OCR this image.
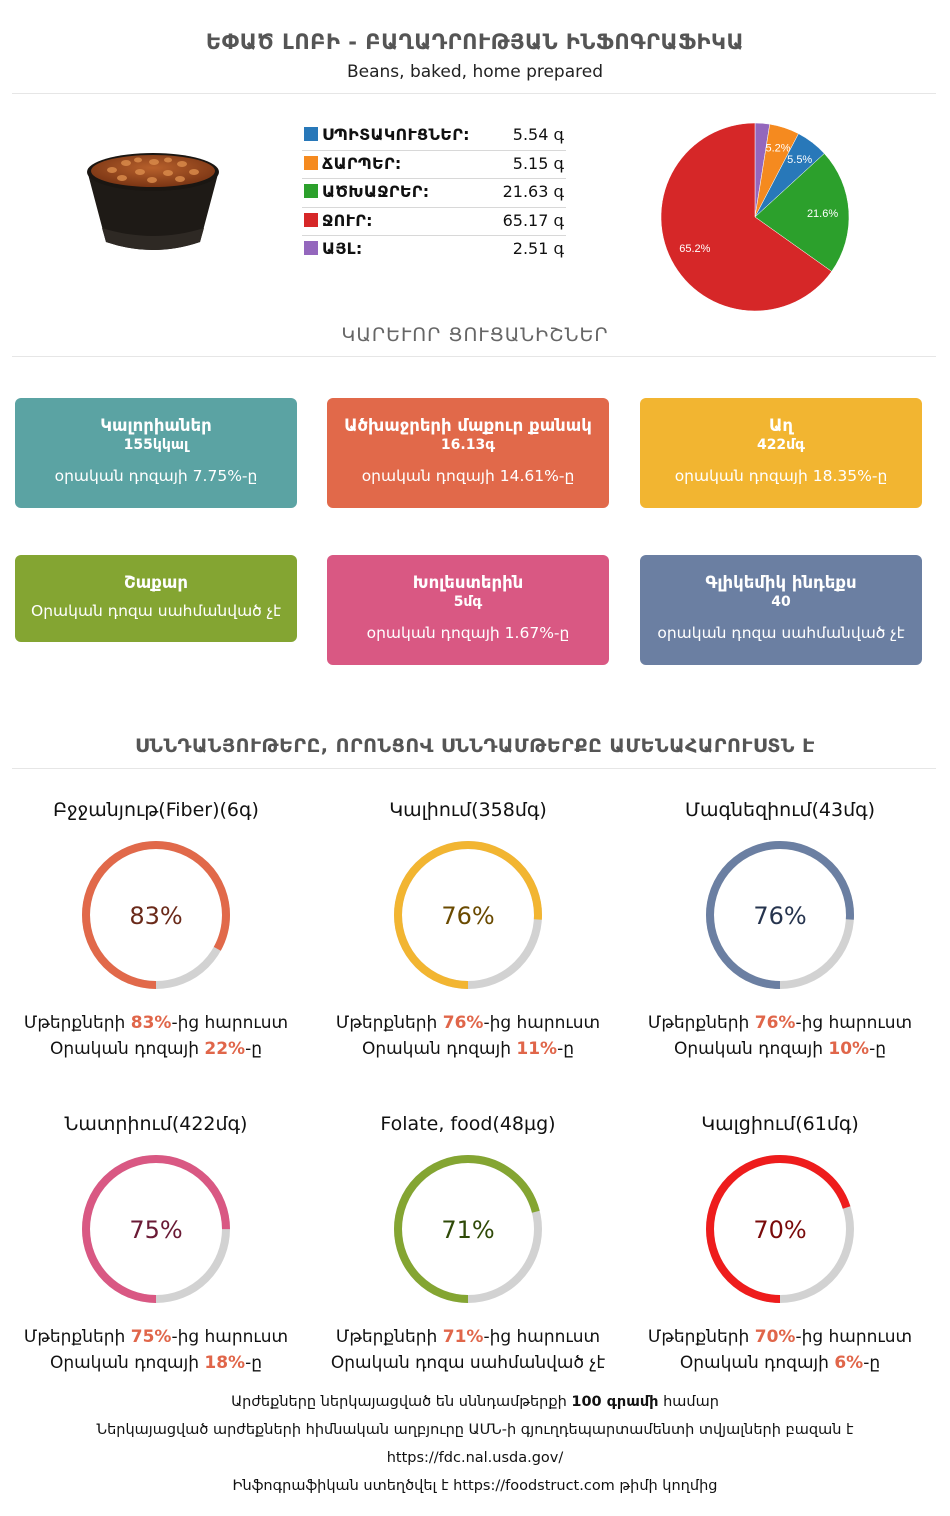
ԵՓԱԾ ԼՈԲԻ - ԲԱՂԱԴՐՈՒԹՅԱՆ ԻՆՖՈԳՐԱՖԻԿԱ
Beans, baked, home prepared
ՍՊԻՏԱԿՈՒՑՆԵՐ:	5.54 գ
ՃԱՐՊԵՐ:	5.15 գ
ԱԾԽԱՋՐԵՐ:	21.63 գ
ՋՈՒՐ:	65.17 գ
ԱՅԼ:	2.51 գ
5.2%
5.5%
21.6%
65.2%
ԿԱՐԵՒՈՐ ՑՈՒՑԱՆԻՇՆԵՐ
Կալորիաներ
155կկալ
օրական դոզայի 7.75%-ը
Ածխաջրերի մաքուր քանակ
16.13գ
օրական դոզայի 14.61%-ը
Աղ
422մգ
օրական դոզայի 18.35%-ը
Շաքար
Օրական դոզա սահմանված չէ
Խոլեստերին
5մգ
օրական դոզայի 1.67%-ը
Գլիկեմիկ ինդեքս
40
օրական դոզա սահմանված չէ
ՍՆՆԴԱՆՅՈՒԹԵՐԸ, ՈՐՈՆՑՈՎ ՍՆՆԴԱՄԹԵՐՔԸ ԱՄԵՆԱՀԱՐՈՒՍՏՆ Է
Բջջանյութ(Fiber)(6գ)
83%
Մթերքների 83%-ից հարուստ
Օրական դոզայի 22%-ը
Կալիում(358մգ)
76%
Մթերքների 76%-ից հարուստ
Օրական դոզայի 11%-ը
Մագնեզիում(43մգ)
76%
Մթերքների 76%-ից հարուստ
Օրական դոզայի 10%-ը
Նատրիում(422մգ)
75%
Մթերքների 75%-ից հարուստ
Օրական դոզայի 18%-ը
Folate, food(48µg)
71%
Մթերքների 71%-ից հարուստ
Օրական դոզա սահմանված չէ
Կալցիում(61մգ)
70%
Մթերքների 70%-ից հարուստ
Օրական դոզայի 6%-ը
Արժեքները ներկայացված են սննդամթերքի 100 գրամի համար
Ներկայացված արժեքների հիմնական աղբյուրը ԱՄՆ-ի գյուղդեպարտամենտի տվյալների բազան է
https://fdc.nal.usda.gov/
Ինֆոգրաֆիկան ստեղծվել է https://foodstruct.com թիմի կողմից
